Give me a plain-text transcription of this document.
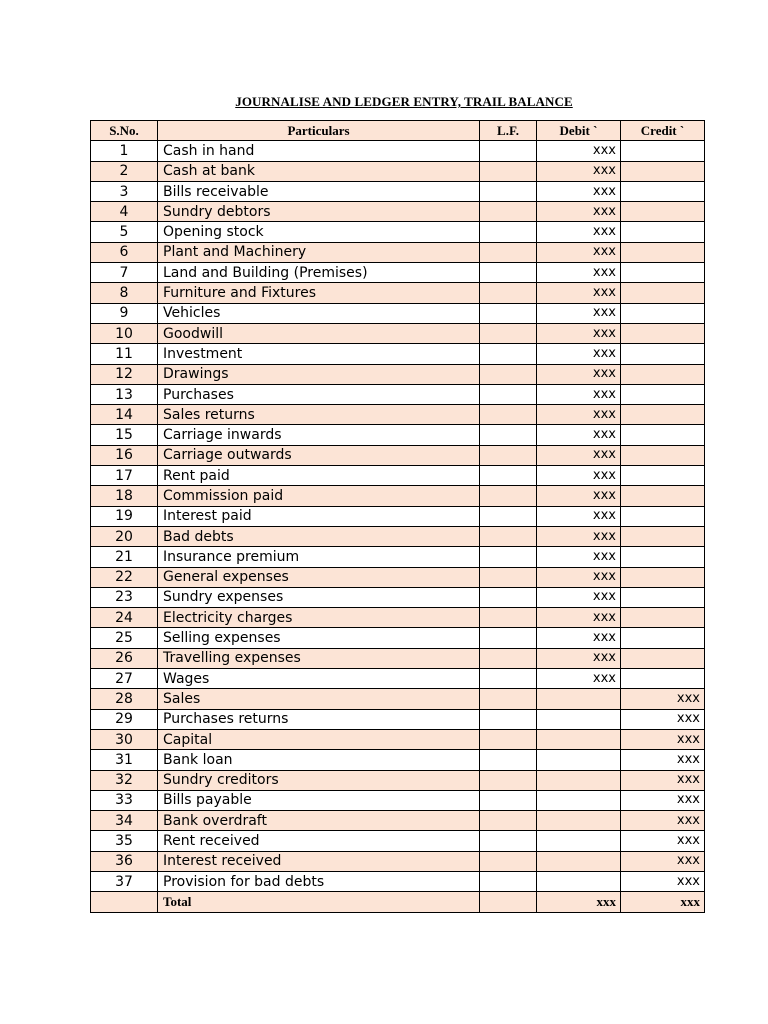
JOURNALISE AND LEDGER ENTRY, TRAIL BALANCE
S.No.	Particulars	L.F.	Debit `	Credit `
1	Cash in hand		xxx	
2	Cash at bank		xxx	
3	Bills receivable		xxx	
4	Sundry debtors		xxx	
5	Opening stock		xxx	
6	Plant and Machinery		xxx	
7	Land and Building (Premises)		xxx	
8	Furniture and Fixtures		xxx	
9	Vehicles		xxx	
10	Goodwill		xxx	
11	Investment		xxx	
12	Drawings		xxx	
13	Purchases		xxx	
14	Sales returns		xxx	
15	Carriage inwards		xxx	
16	Carriage outwards		xxx	
17	Rent paid		xxx	
18	Commission paid		xxx	
19	Interest paid		xxx	
20	Bad debts		xxx	
21	Insurance premium		xxx	
22	General expenses		xxx	
23	Sundry expenses		xxx	
24	Electricity charges		xxx	
25	Selling expenses		xxx	
26	Travelling expenses		xxx	
27	Wages		xxx	
28	Sales			xxx
29	Purchases returns			xxx
30	Capital			xxx
31	Bank loan			xxx
32	Sundry creditors			xxx
33	Bills payable			xxx
34	Bank overdraft			xxx
35	Rent received			xxx
36	Interest received			xxx
37	Provision for bad debts			xxx
	Total		xxx	xxx
